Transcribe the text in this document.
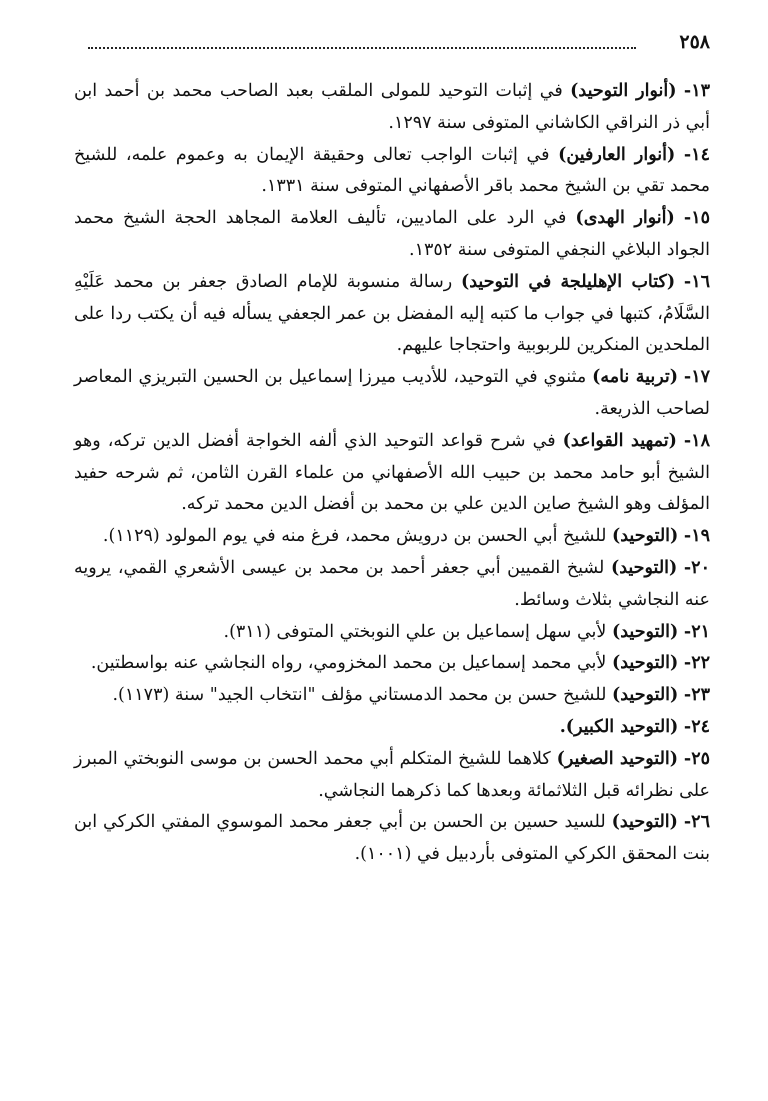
٢٥٨

١٣- (أنوار التوحيد) في إثبات التوحيد للمولى الملقب بعبد الصاحب محمد بن أحمد ابن أبي ذر النراقي الكاشاني المتوفى سنة ١٢٩٧.

١٤- (أنوار العارفين) في إثبات الواجب تعالى وحقيقة الإيمان به وعموم علمه، للشيخ محمد تقي بن الشيخ محمد باقر الأصفهاني المتوفى سنة ١٣٣١.

١٥- (أنوار الهدى) في الرد على الماديين، تأليف العلامة المجاهد الحجة الشيخ محمد الجواد البلاغي النجفي المتوفى سنة ١٣٥٢.

١٦- (كتاب الإهليلجة في التوحيد) رسالة منسوبة للإمام الصادق جعفر بن محمد عَلَيْهِ السَّلَامُ، كتبها في جواب ما كتبه إليه المفضل بن عمر الجعفي يسأله فيه أن يكتب ردا على الملحدين المنكرين للربوبية واحتجاجا عليهم.

١٧- (تربية نامه) مثنوي في التوحيد، للأديب ميرزا إسماعيل بن الحسين التبريزي المعاصر لصاحب الذريعة.

١٨- (تمهيد القواعد) في شرح قواعد التوحيد الذي ألفه الخواجة أفضل الدين تركه، وهو الشيخ أبو حامد محمد بن حبيب الله الأصفهاني من علماء القرن الثامن، ثم شرحه حفيد المؤلف وهو الشيخ صاين الدين علي بن محمد بن أفضل الدين محمد تركه.

١٩- (التوحيد) للشيخ أبي الحسن بن درويش محمد، فرغ منه في يوم المولود (١١٢٩).

٢٠- (التوحيد) لشيخ القميين أبي جعفر أحمد بن محمد بن عيسى الأشعري القمي، يرويه عنه النجاشي بثلاث وسائط.

٢١- (التوحيد) لأبي سهل إسماعيل بن علي النوبختي المتوفى (٣١١).

٢٢- (التوحيد) لأبي محمد إسماعيل بن محمد المخزومي، رواه النجاشي عنه بواسطتين.

٢٣- (التوحيد) للشيخ حسن بن محمد الدمستاني مؤلف "انتخاب الجيد" سنة (١١٧٣).

٢٤- (التوحيد الكبير).

٢٥- (التوحيد الصغير) كلاهما للشيخ المتكلم أبي محمد الحسن بن موسى النوبختي المبرز على نظرائه قبل الثلاثمائة وبعدها كما ذكرهما النجاشي.

٢٦- (التوحيد) للسيد حسين بن الحسن بن أبي جعفر محمد الموسوي المفتي الكركي ابن بنت المحقق الكركي المتوفى بأردبيل في (١٠٠١).
